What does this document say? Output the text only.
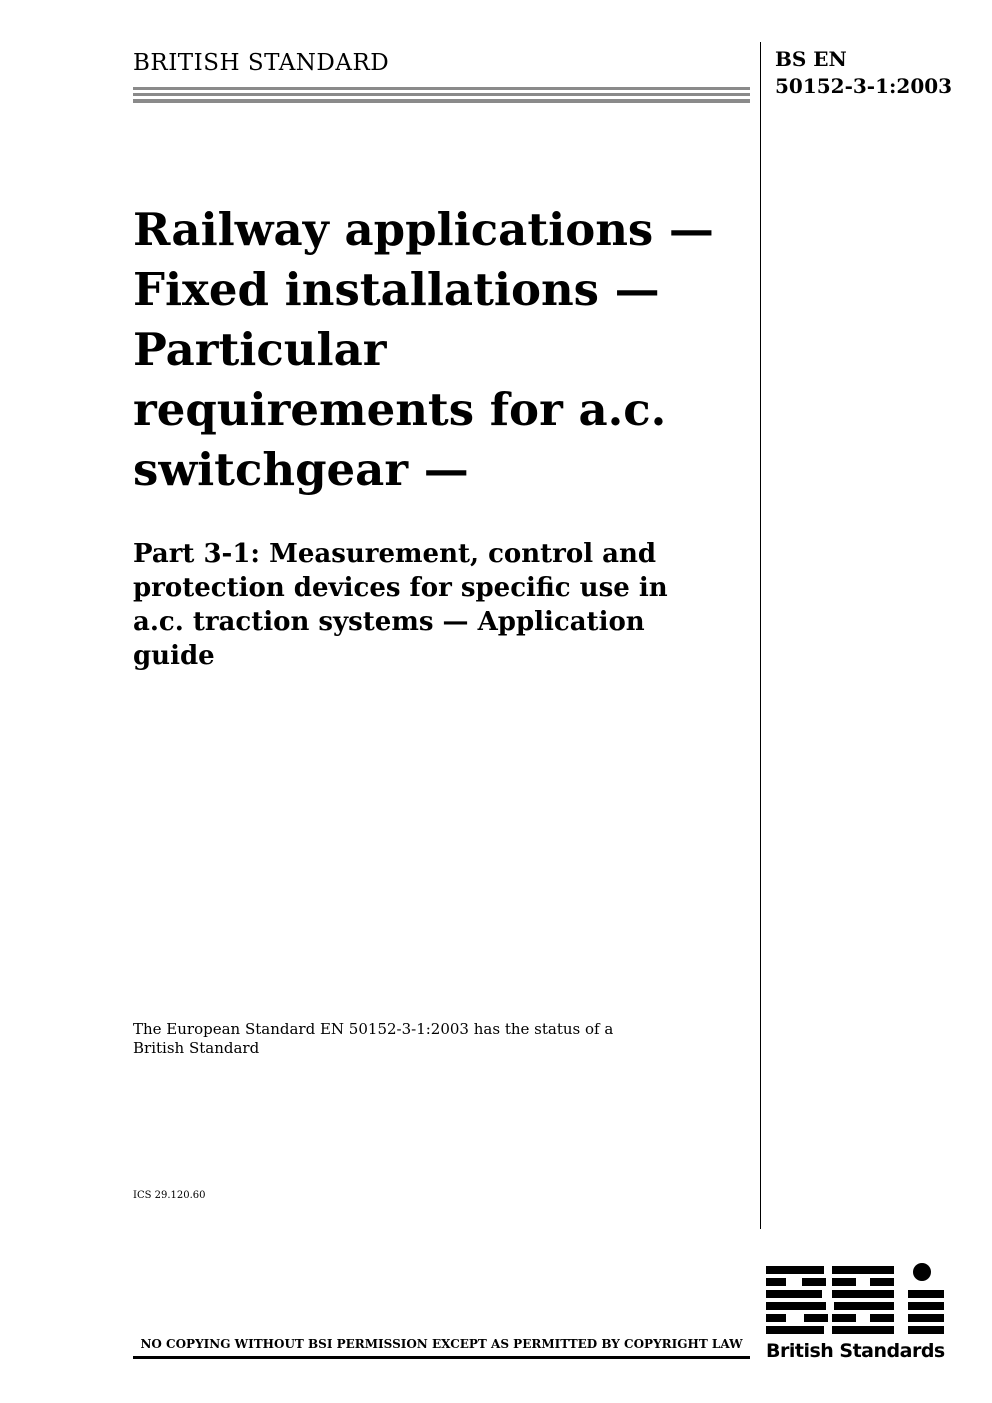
BRITISH STANDARD	BS EN
50152-3-1:2003
Railway applications —
Fixed installations —
Particular
requirements for a.c.
switchgear —
Part 3-1: Measurement, control and
protection devices for specific use in
a.c. traction systems — Application
guide
The European Standard EN 50152-3-1:2003 has the status of a
British Standard
ICS 29.120.60
NO COPYING WITHOUT BSI PERMISSION EXCEPT AS PERMITTED BY COPYRIGHT LAW	British Standards
